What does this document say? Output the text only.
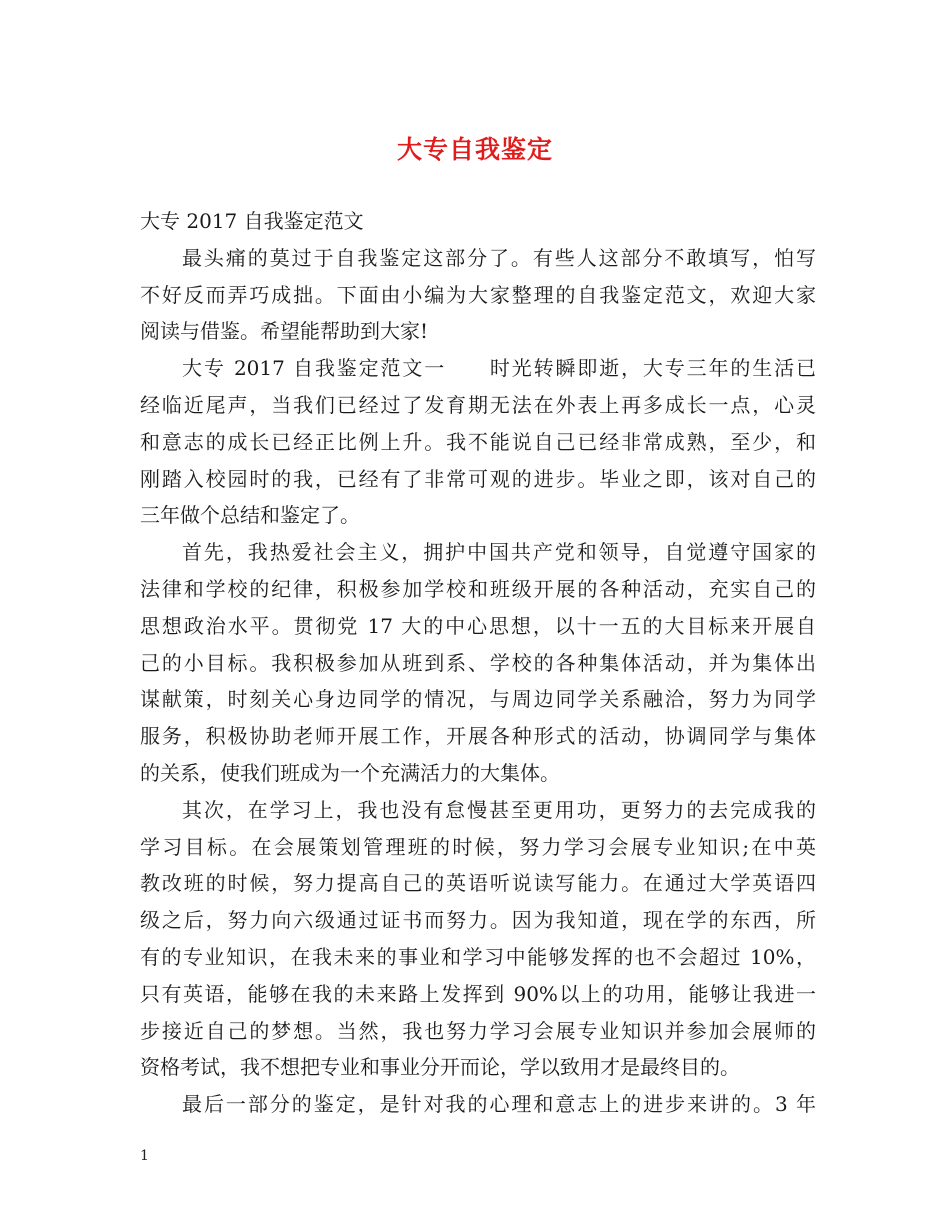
大专自我鉴定
大专 2017 自我鉴定范文
最头痛的莫过于自我鉴定这部分了。有些人这部分不敢填写，怕写
不好反而弄巧成拙。下面由小编为大家整理的自我鉴定范文，欢迎大家
阅读与借鉴。希望能帮助到大家!
大专 2017 自我鉴定范文一　　时光转瞬即逝，大专三年的生活已
经临近尾声，当我们已经过了发育期无法在外表上再多成长一点，心灵
和意志的成长已经正比例上升。我不能说自己已经非常成熟，至少，和
刚踏入校园时的我，已经有了非常可观的进步。毕业之即，该对自己的
三年做个总结和鉴定了。
首先，我热爱社会主义，拥护中国共产党和领导，自觉遵守国家的
法律和学校的纪律，积极参加学校和班级开展的各种活动，充实自己的
思想政治水平。贯彻党 17 大的中心思想，以十一五的大目标来开展自
己的小目标。我积极参加从班到系、学校的各种集体活动，并为集体出
谋献策，时刻关心身边同学的情况，与周边同学关系融洽，努力为同学
服务，积极协助老师开展工作，开展各种形式的活动，协调同学与集体
的关系，使我们班成为一个充满活力的大集体。
其次，在学习上，我也没有怠慢甚至更用功，更努力的去完成我的
学习目标。在会展策划管理班的时候，努力学习会展专业知识;在中英
教改班的时候，努力提高自己的英语听说读写能力。在通过大学英语四
级之后，努力向六级通过证书而努力。因为我知道，现在学的东西，所
有的专业知识，在我未来的事业和学习中能够发挥的也不会超过 10%，
只有英语，能够在我的未来路上发挥到 90%以上的功用，能够让我进一
步接近自己的梦想。当然，我也努力学习会展专业知识并参加会展师的
资格考试，我不想把专业和事业分开而论，学以致用才是最终目的。
最后一部分的鉴定，是针对我的心理和意志上的进步来讲的。3 年
1
